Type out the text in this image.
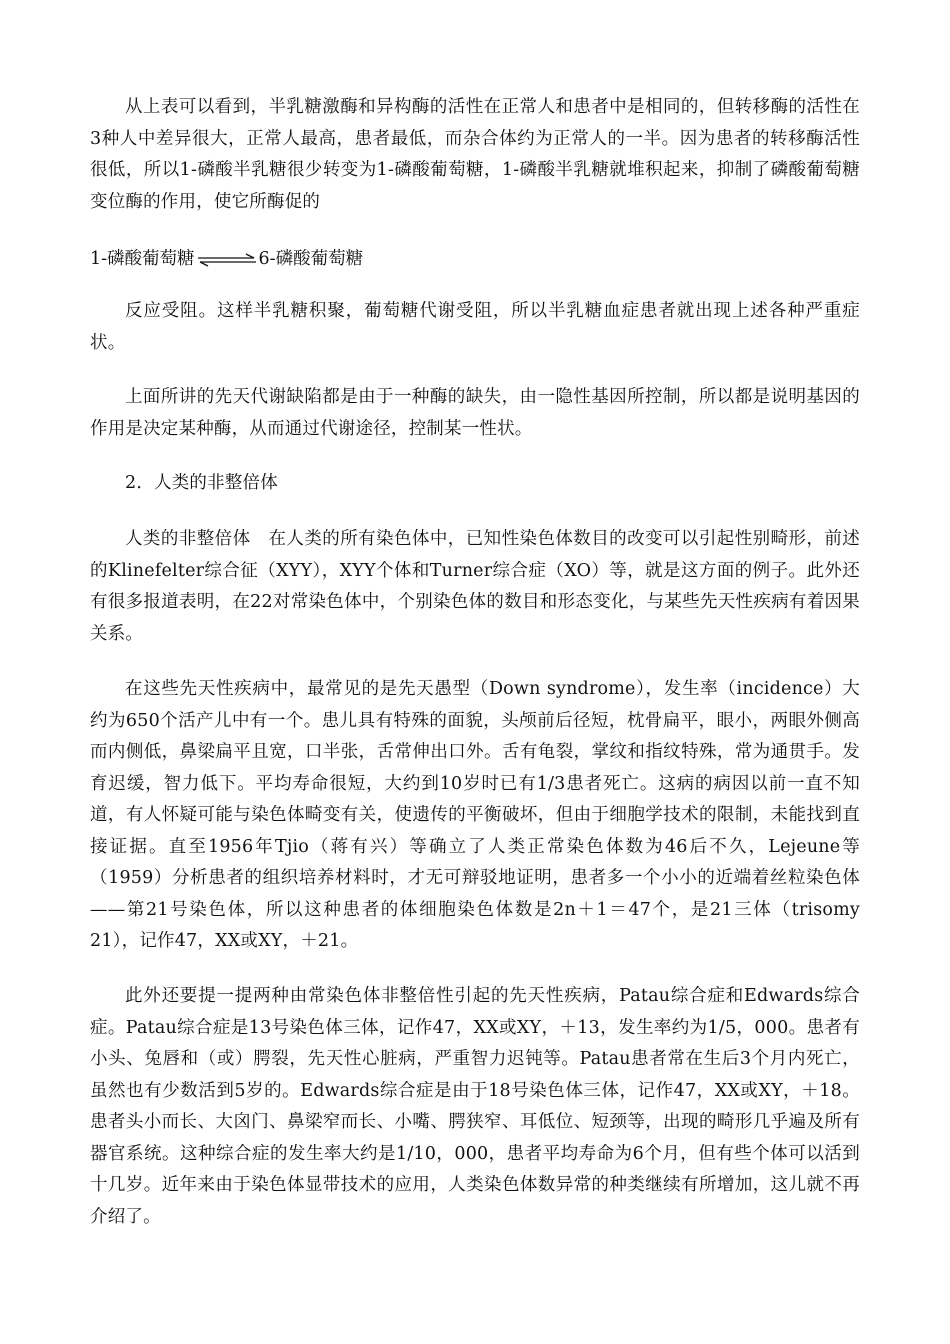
从上表可以看到，半乳糖激酶和异构酶的活性在正常人和患者中是相同的，但转移酶的活性在3种人中差异很大，正常人最高，患者最低，而杂合体约为正常人的一半。因为患者的转移酶活性很低，所以1-磷酸半乳糖很少转变为1-磷酸葡萄糖，1-磷酸半乳糖就堆积起来，抑制了磷酸葡萄糖变位酶的作用，使它所酶促的

1-磷酸葡萄糖⇌6-磷酸葡萄糖

反应受阻。这样半乳糖积聚，葡萄糖代谢受阻，所以半乳糖血症患者就出现上述各种严重症状。

上面所讲的先天代谢缺陷都是由于一种酶的缺失，由一隐性基因所控制，所以都是说明基因的作用是决定某种酶，从而通过代谢途径，控制某一性状。

2．人类的非整倍体

人类的非整倍体　在人类的所有染色体中，已知性染色体数目的改变可以引起性别畸形，前述的Klinefelter综合征（XYY），XYY个体和Turner综合症（XO）等，就是这方面的例子。此外还有很多报道表明，在22对常染色体中，个别染色体的数目和形态变化，与某些先天性疾病有着因果关系。

在这些先天性疾病中，最常见的是先天愚型（Down syndrome），发生率（incidence）大约为650个活产儿中有一个。患儿具有特殊的面貌，头颅前后径短，枕骨扁平，眼小，两眼外侧高而内侧低，鼻梁扁平且宽，口半张，舌常伸出口外。舌有龟裂，掌纹和指纹特殊，常为通贯手。发育迟缓，智力低下。平均寿命很短，大约到10岁时已有1/3患者死亡。这病的病因以前一直不知道，有人怀疑可能与染色体畸变有关，使遗传的平衡破坏，但由于细胞学技术的限制，未能找到直接证据。直至1956年Tjio（蒋有兴）等确立了人类正常染色体数为46后不久，Lejeune等（1959）分析患者的组织培养材料时，才无可辩驳地证明，患者多一个小小的近端着丝粒染色体——第21号染色体，所以这种患者的体细胞染色体数是2n＋1＝47个，是21三体（trisomy 21），记作47，XX或XY，＋21。

此外还要提一提两种由常染色体非整倍性引起的先天性疾病，Patau综合症和Edwards综合症。Patau综合症是13号染色体三体，记作47，XX或XY，＋13，发生率约为1/5，000。患者有小头、兔唇和（或）腭裂，先天性心脏病，严重智力迟钝等。Patau患者常在生后3个月内死亡，虽然也有少数活到5岁的。Edwards综合症是由于18号染色体三体，记作47，XX或XY，＋18。患者头小而长、大囟门、鼻梁窄而长、小嘴、腭狭窄、耳低位、短颈等，出现的畸形几乎遍及所有器官系统。这种综合症的发生率大约是1/10，000，患者平均寿命为6个月，但有些个体可以活到十几岁。近年来由于染色体显带技术的应用，人类染色体数异常的种类继续有所增加，这儿就不再介绍了。
